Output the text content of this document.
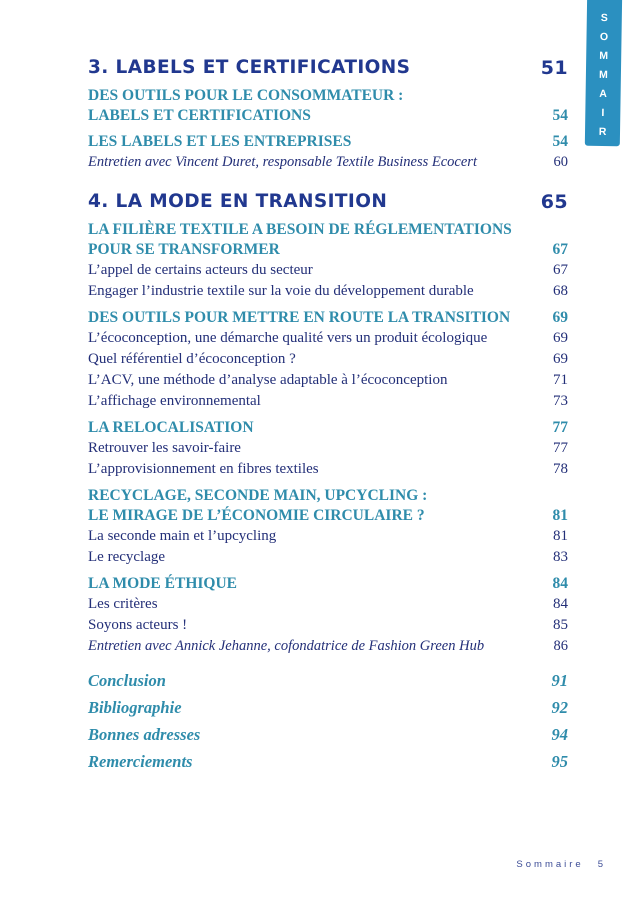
SOMMAIRE
3. LABELS ET CERTIFICATIONS	51
DES OUTILS POUR LE CONSOMMATEUR :
LABELS ET CERTIFICATIONS	54
LES LABELS ET LES ENTREPRISES	54
Entretien avec Vincent Duret, responsable Textile Business Ecocert	60
4. LA MODE EN TRANSITION	65
LA FILIÈRE TEXTILE A BESOIN DE RÉGLEMENTATIONS
POUR SE TRANSFORMER	67
L’appel de certains acteurs du secteur	67
Engager l’industrie textile sur la voie du développement durable	68
DES OUTILS POUR METTRE EN ROUTE LA TRANSITION	69
L’écoconception, une démarche qualité vers un produit écologique	69
Quel référentiel d’écoconception ?	69
L’ACV, une méthode d’analyse adaptable à l’écoconception	71
L’affichage environnemental	73
LA RELOCALISATION	77
Retrouver les savoir-faire	77
L’approvisionnement en fibres textiles	78
RECYCLAGE, SECONDE MAIN, UPCYCLING :
LE MIRAGE DE L’ÉCONOMIE CIRCULAIRE ?	81
La seconde main et l’upcycling	81
Le recyclage	83
LA MODE ÉTHIQUE	84
Les critères	84
Soyons acteurs !	85
Entretien avec Annick Jehanne, cofondatrice de Fashion Green Hub	86
Conclusion	91
Bibliographie	92
Bonnes adresses	94
Remerciements	95
Sommaire 5
